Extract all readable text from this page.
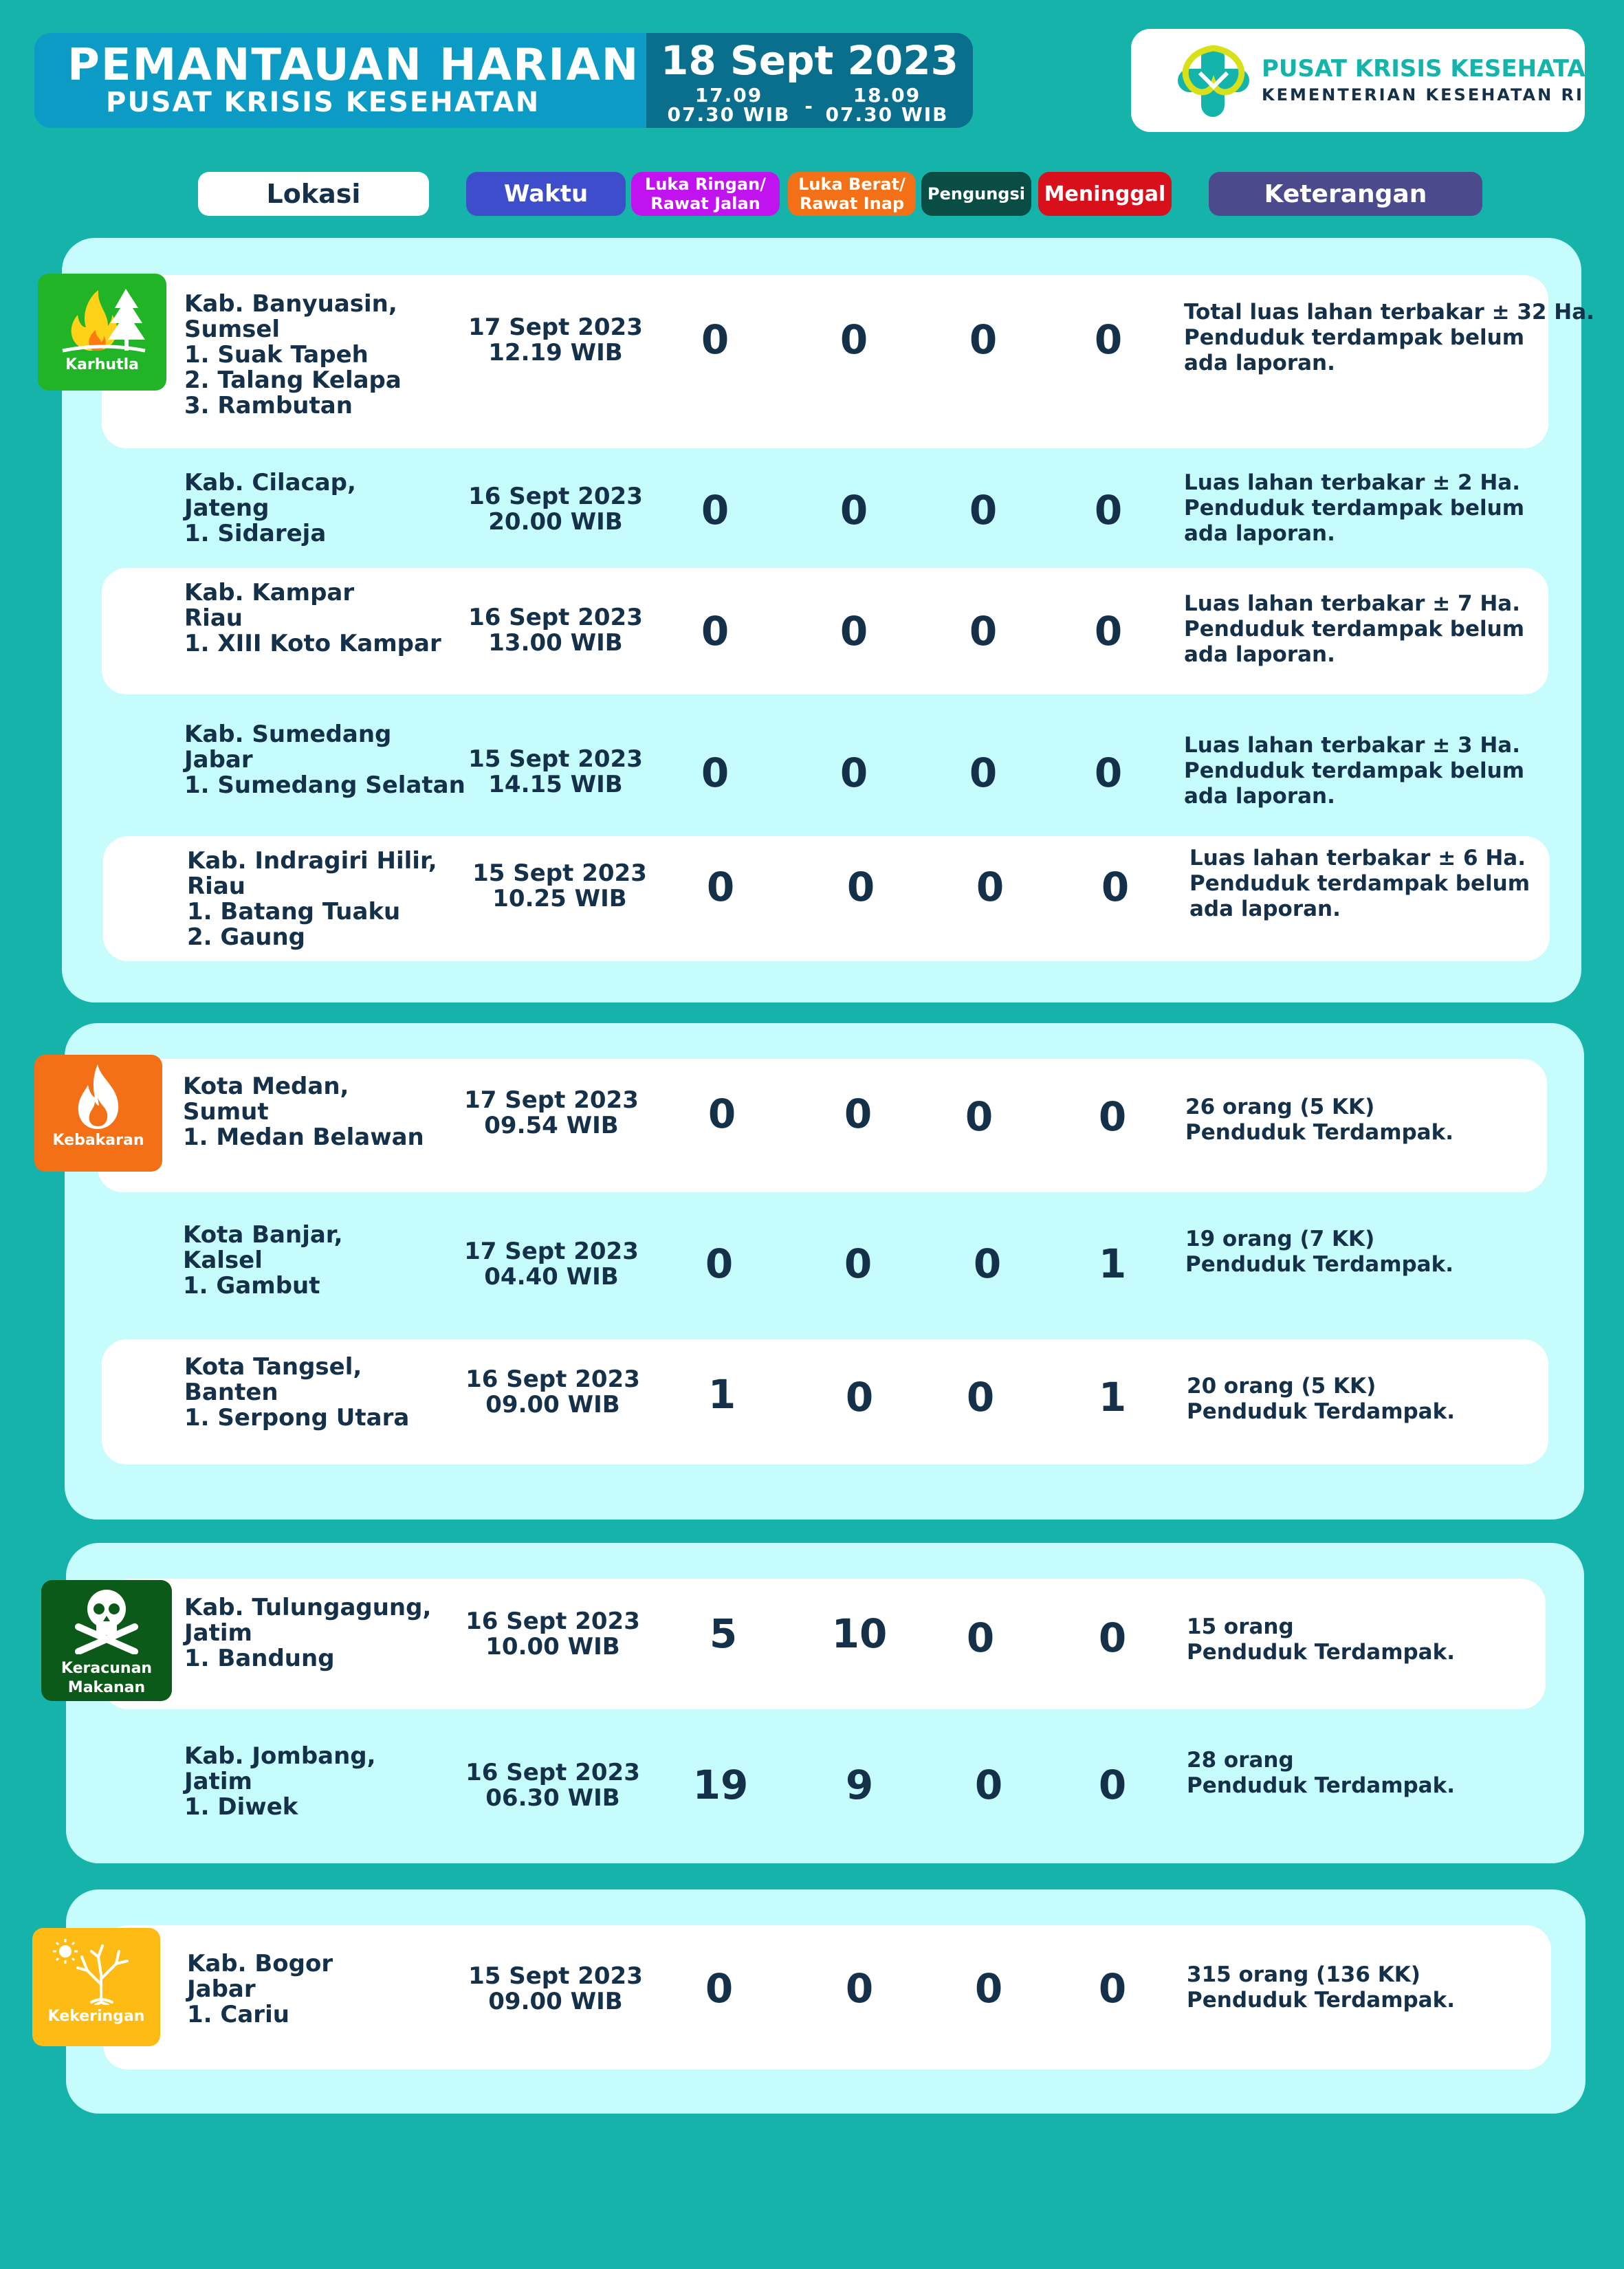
PEMANTAUAN HARIAN
PUSAT KRISIS KESEHATAN
18 Sept 2023
17.09
07.30 WIB -	18.09
07.30 WIB
PUSAT KRISIS KESEHATAN
KEMENTERIAN KESEHATAN RI
Lokasi	Waktu	Luka Ringan/
Rawat Jalan
Luka Berat/
Rawat Inap	Pengungsi Meninggal	Keterangan
Karhutla
Kab. Banyuasin,
Sumsel
1. Suak Tapeh
2. Talang Kelapa
3. Rambutan
17 Sept 2023
12.19 WIB	0	0	0	0
Total luas lahan terbakar ± 32 Ha.
Penduduk terdampak belum
ada laporan.
Kab. Cilacap,
Jateng
1. Sidareja
16 Sept 2023
20.00 WIB	0	0	0	0
Luas lahan terbakar ± 2 Ha.
Penduduk terdampak belum
ada laporan.
Kab. Kampar
Riau
1. XIII Koto Kampar
16 Sept 2023
13.00 WIB	0	0	0	0
Luas lahan terbakar ± 7 Ha.
Penduduk terdampak belum
ada laporan.
Kab. Sumedang
Jabar
1. Sumedang Selatan
15 Sept 2023
14.15 WIB	0	0	0	0
Luas lahan terbakar ± 3 Ha.
Penduduk terdampak belum
ada laporan.
Kab. Indragiri Hilir,
Riau
1. Batang Tuaku
2. Gaung
15 Sept 2023
10.25 WIB	0	0	0	0
Luas lahan terbakar ± 6 Ha.
Penduduk terdampak belum
ada laporan.
Kebakaran
Kota Medan,
Sumut
1. Medan Belawan
17 Sept 2023
09.54 WIB	0	0	0	0	26 orang (5 KK)
Penduduk Terdampak.
Kota Banjar,
Kalsel
1. Gambut
17 Sept 2023
04.40 WIB	0	0	0	1
19 orang (7 KK)
Penduduk Terdampak.
Kota Tangsel,
Banten
1. Serpong Utara
16 Sept 2023
09.00 WIB	1	0	0	1	20 orang (5 KK)
Penduduk Terdampak.
Keracunan
Makanan
Kab. Tulungagung,
Jatim
1. Bandung
16 Sept 2023
10.00 WIB	5	10	0	0	15 orang
Penduduk Terdampak.
Kab. Jombang,
Jatim
1. Diwek
16 Sept 2023
06.30 WIB	19	9	0	0
28 orang
Penduduk Terdampak.
Kekeringan
Kab. Bogor
Jabar
1. Cariu
15 Sept 2023
09.00 WIB	0	0	0	0	315 orang (136 KK)
Penduduk Terdampak.
